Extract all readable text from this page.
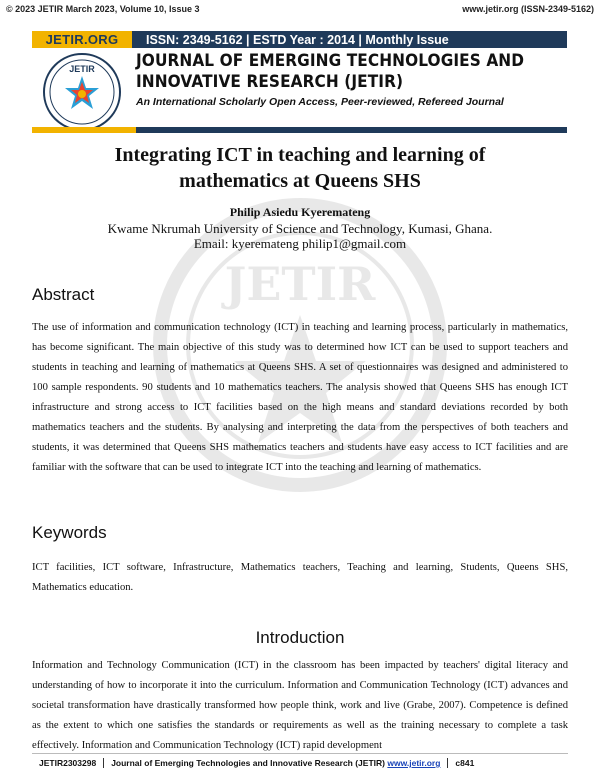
© 2023 JETIR March 2023, Volume 10, Issue 3	www.jetir.org (ISSN-2349-5162)
JETIR.ORG	ISSN: 2349-5162 | ESTD Year : 2014 | Monthly Issue
JETIR JOURNAL OF EMERGING TECHNOLOGIES AND
INNOVATIVE RESEARCH (JETIR)
An International Scholarly Open Access, Peer-reviewed, Refereed Journal
JETIR
Integrating ICT in teaching and learning of
mathematics at Queens SHS
Philip Asiedu Kyeremateng
Kwame Nkrumah University of Science and Technology, Kumasi, Ghana.
Email: kyeremateng philip1@gmail.com
Abstract
The use of information and communication technology (ICT) in teaching and learning process, particularly in mathematics, has become significant. The main objective of this study was to determined how ICT can be used to support teachers and students in teaching and learning of mathematics at Queens SHS. A set of questionnaires was designed and administered to 100 sample respondents. 90 students and 10 mathematics teachers. The analysis showed that Queens SHS has enough ICT infrastructure and strong access to ICT facilities based on the high means and standard deviations recorded by both mathematics teachers and the students. By analysing and interpreting the data from the perspectives of both teachers and students, it was determined that Queens SHS mathematics teachers and students have easy access to ICT facilities and are familiar with the software that can be used to integrate ICT into the teaching and learning of mathematics.
Keywords
ICT facilities, ICT software, Infrastructure, Mathematics teachers, Teaching and learning, Students, Queens SHS, Mathematics education.
Introduction
Information and Technology Communication (ICT) in the classroom has been impacted by teachers' digital literacy and understanding of how to incorporate it into the curriculum. Information and Communication Technology (ICT) advances and societal transformation have drastically transformed how people think, work and live (Grabe, 2007). Competence is defined as the extent to which one satisfies the standards or requirements as well as the training necessary to complete a task effectively. Information and Communication Technology (ICT) rapid development
JETIR2303298	Journal of Emerging Technologies and Innovative Research (JETIR) www.jetir.org	c841
